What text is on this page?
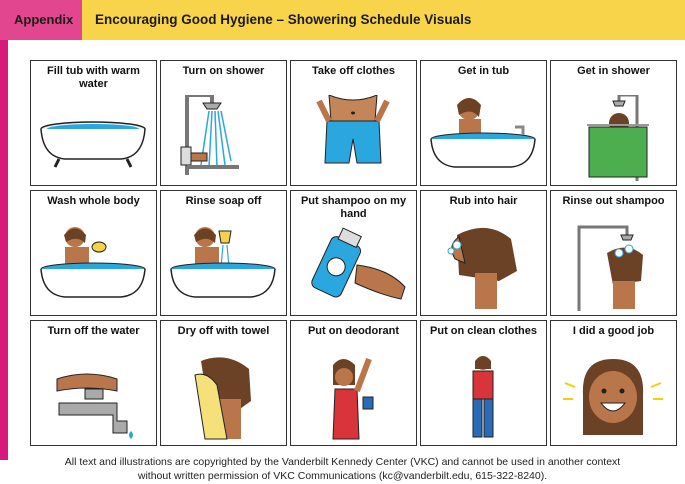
Appendix	Encouraging Good Hygiene – Showering Schedule Visuals
Fill tub with warm water
Turn on shower	Take off clothes	Get in tub	Get in shower
Wash whole body	Rinse soap off	Put shampoo on my hand
Rub into hair	Rinse out shampoo
Turn off the water	Dry off with towel	Put on deodorant	Put on clean clothes	I did a good job
All text and illustrations are copyrighted by the Vanderbilt Kennedy Center (VKC) and cannot be used in another context
without written permission of VKC Communications (kc@vanderbilt.edu, 615-322-8240).
